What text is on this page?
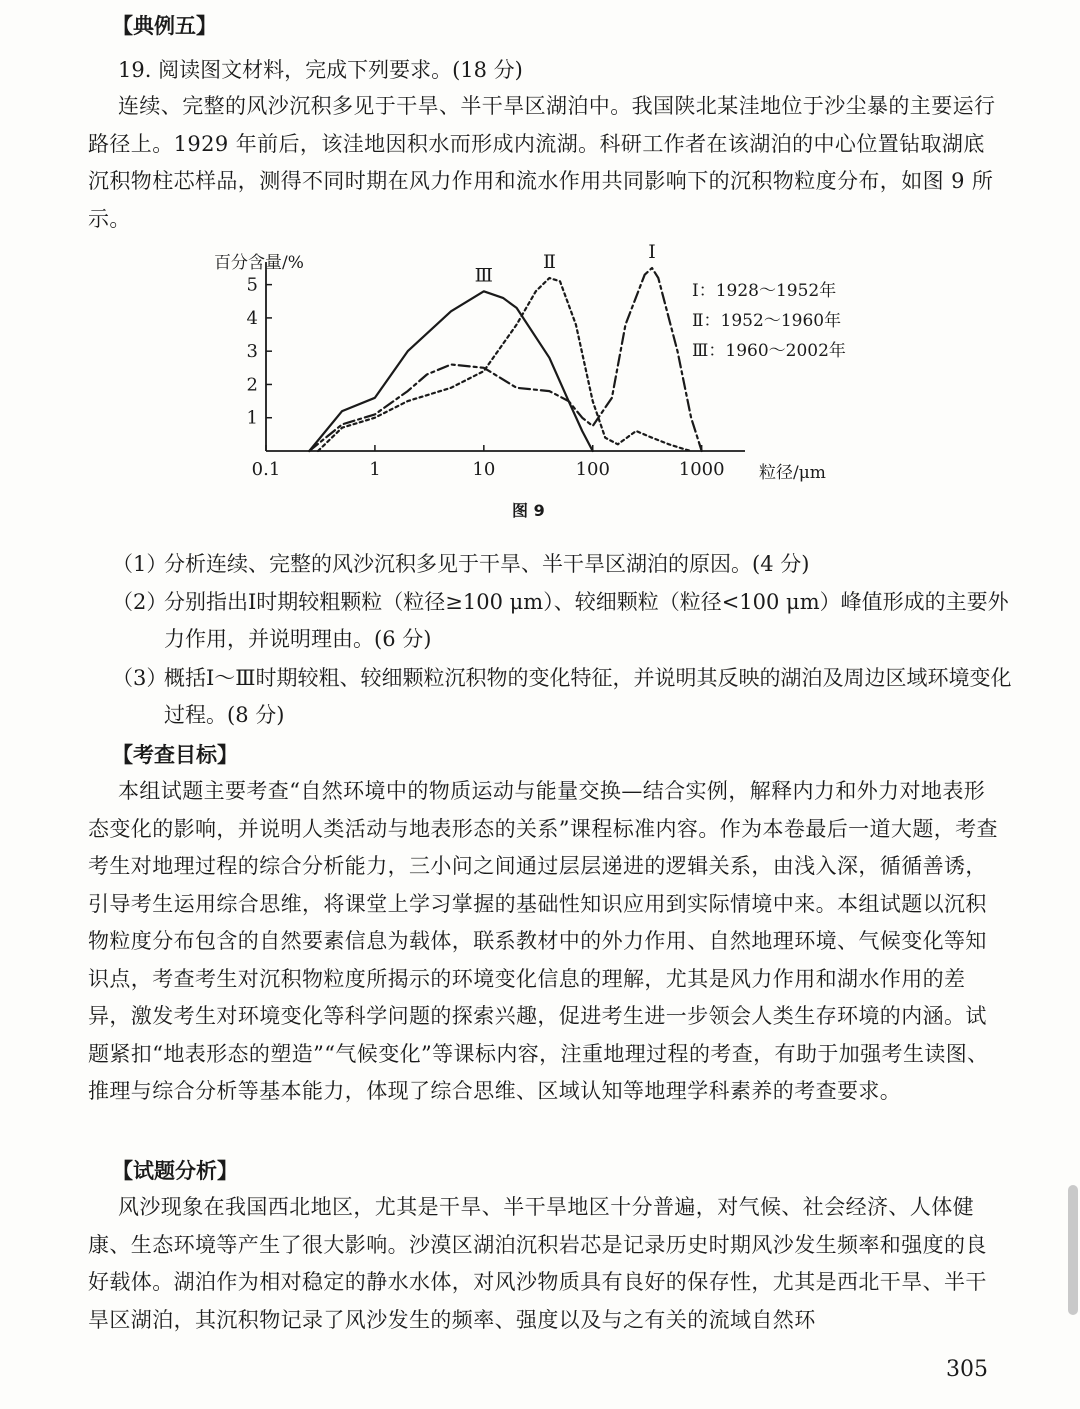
【典例五】
19. 阅读图文材料，完成下列要求。(18 分)

连续、完整的风沙沉积多见于干旱、半干旱区湖泊中。我国陕北某洼地位于沙尘暴的主要运行路径上。1929 年前后，该洼地因积水而形成内流湖。科研工作者在该湖泊的中心位置钻取湖底沉积物柱芯样品，测得不同时期在风力作用和流水作用共同影响下的沉积物粒度分布，如图 9 所示。

1
2
3
4
5
0.1	1	10	100	1000
百分含量/%
粒径/μm
Ⅰ
Ⅱ
Ⅲ
Ⅰ：1928～1952年
Ⅱ：1952～1960年
Ⅲ：1960～2002年
图 9
（1）
分析连续、完整的风沙沉积多见于干旱、半干旱区湖泊的原因。(4 分)
（2）
分别指出Ⅰ时期较粗颗粒（粒径≥100 μm）、较细颗粒（粒径<100 μm）峰值形成的主要外力作用，并说明理由。(6 分)
（3）
概括Ⅰ～Ⅲ时期较粗、较细颗粒沉积物的变化特征，并说明其反映的湖泊及周边区域环境变化过程。(8 分)
【考查目标】

本组试题主要考查“自然环境中的物质运动与能量交换—结合实例，解释内力和外力对地表形态变化的影响，并说明人类活动与地表形态的关系”课程标准内容。作为本卷最后一道大题，考查考生对地理过程的综合分析能力，三小问之间通过层层递进的逻辑关系，由浅入深，循循善诱，引导考生运用综合思维，将课堂上学习掌握的基础性知识应用到实际情境中来。本组试题以沉积物粒度分布包含的自然要素信息为载体，联系教材中的外力作用、自然地理环境、气候变化等知识点，考查考生对沉积物粒度所揭示的环境变化信息的理解，尤其是风力作用和湖水作用的差异，激发考生对环境变化等科学问题的探索兴趣，促进考生进一步领会人类生存环境的内涵。试题紧扣“地表形态的塑造”“气候变化”等课标内容，注重地理过程的考查，有助于加强考生读图、推理与综合分析等基本能力，体现了综合思维、区域认知等地理学科素养的考查要求。

【试题分析】

风沙现象在我国西北地区，尤其是干旱、半干旱地区十分普遍，对气候、社会经济、人体健康、生态环境等产生了很大影响。沙漠区湖泊沉积岩芯是记录历史时期风沙发生频率和强度的良好载体。湖泊作为相对稳定的静水水体，对风沙物质具有良好的保存性，尤其是西北干旱、半干旱区湖泊，其沉积物记录了风沙发生的频率、强度以及与之有关的流域自然环

305
